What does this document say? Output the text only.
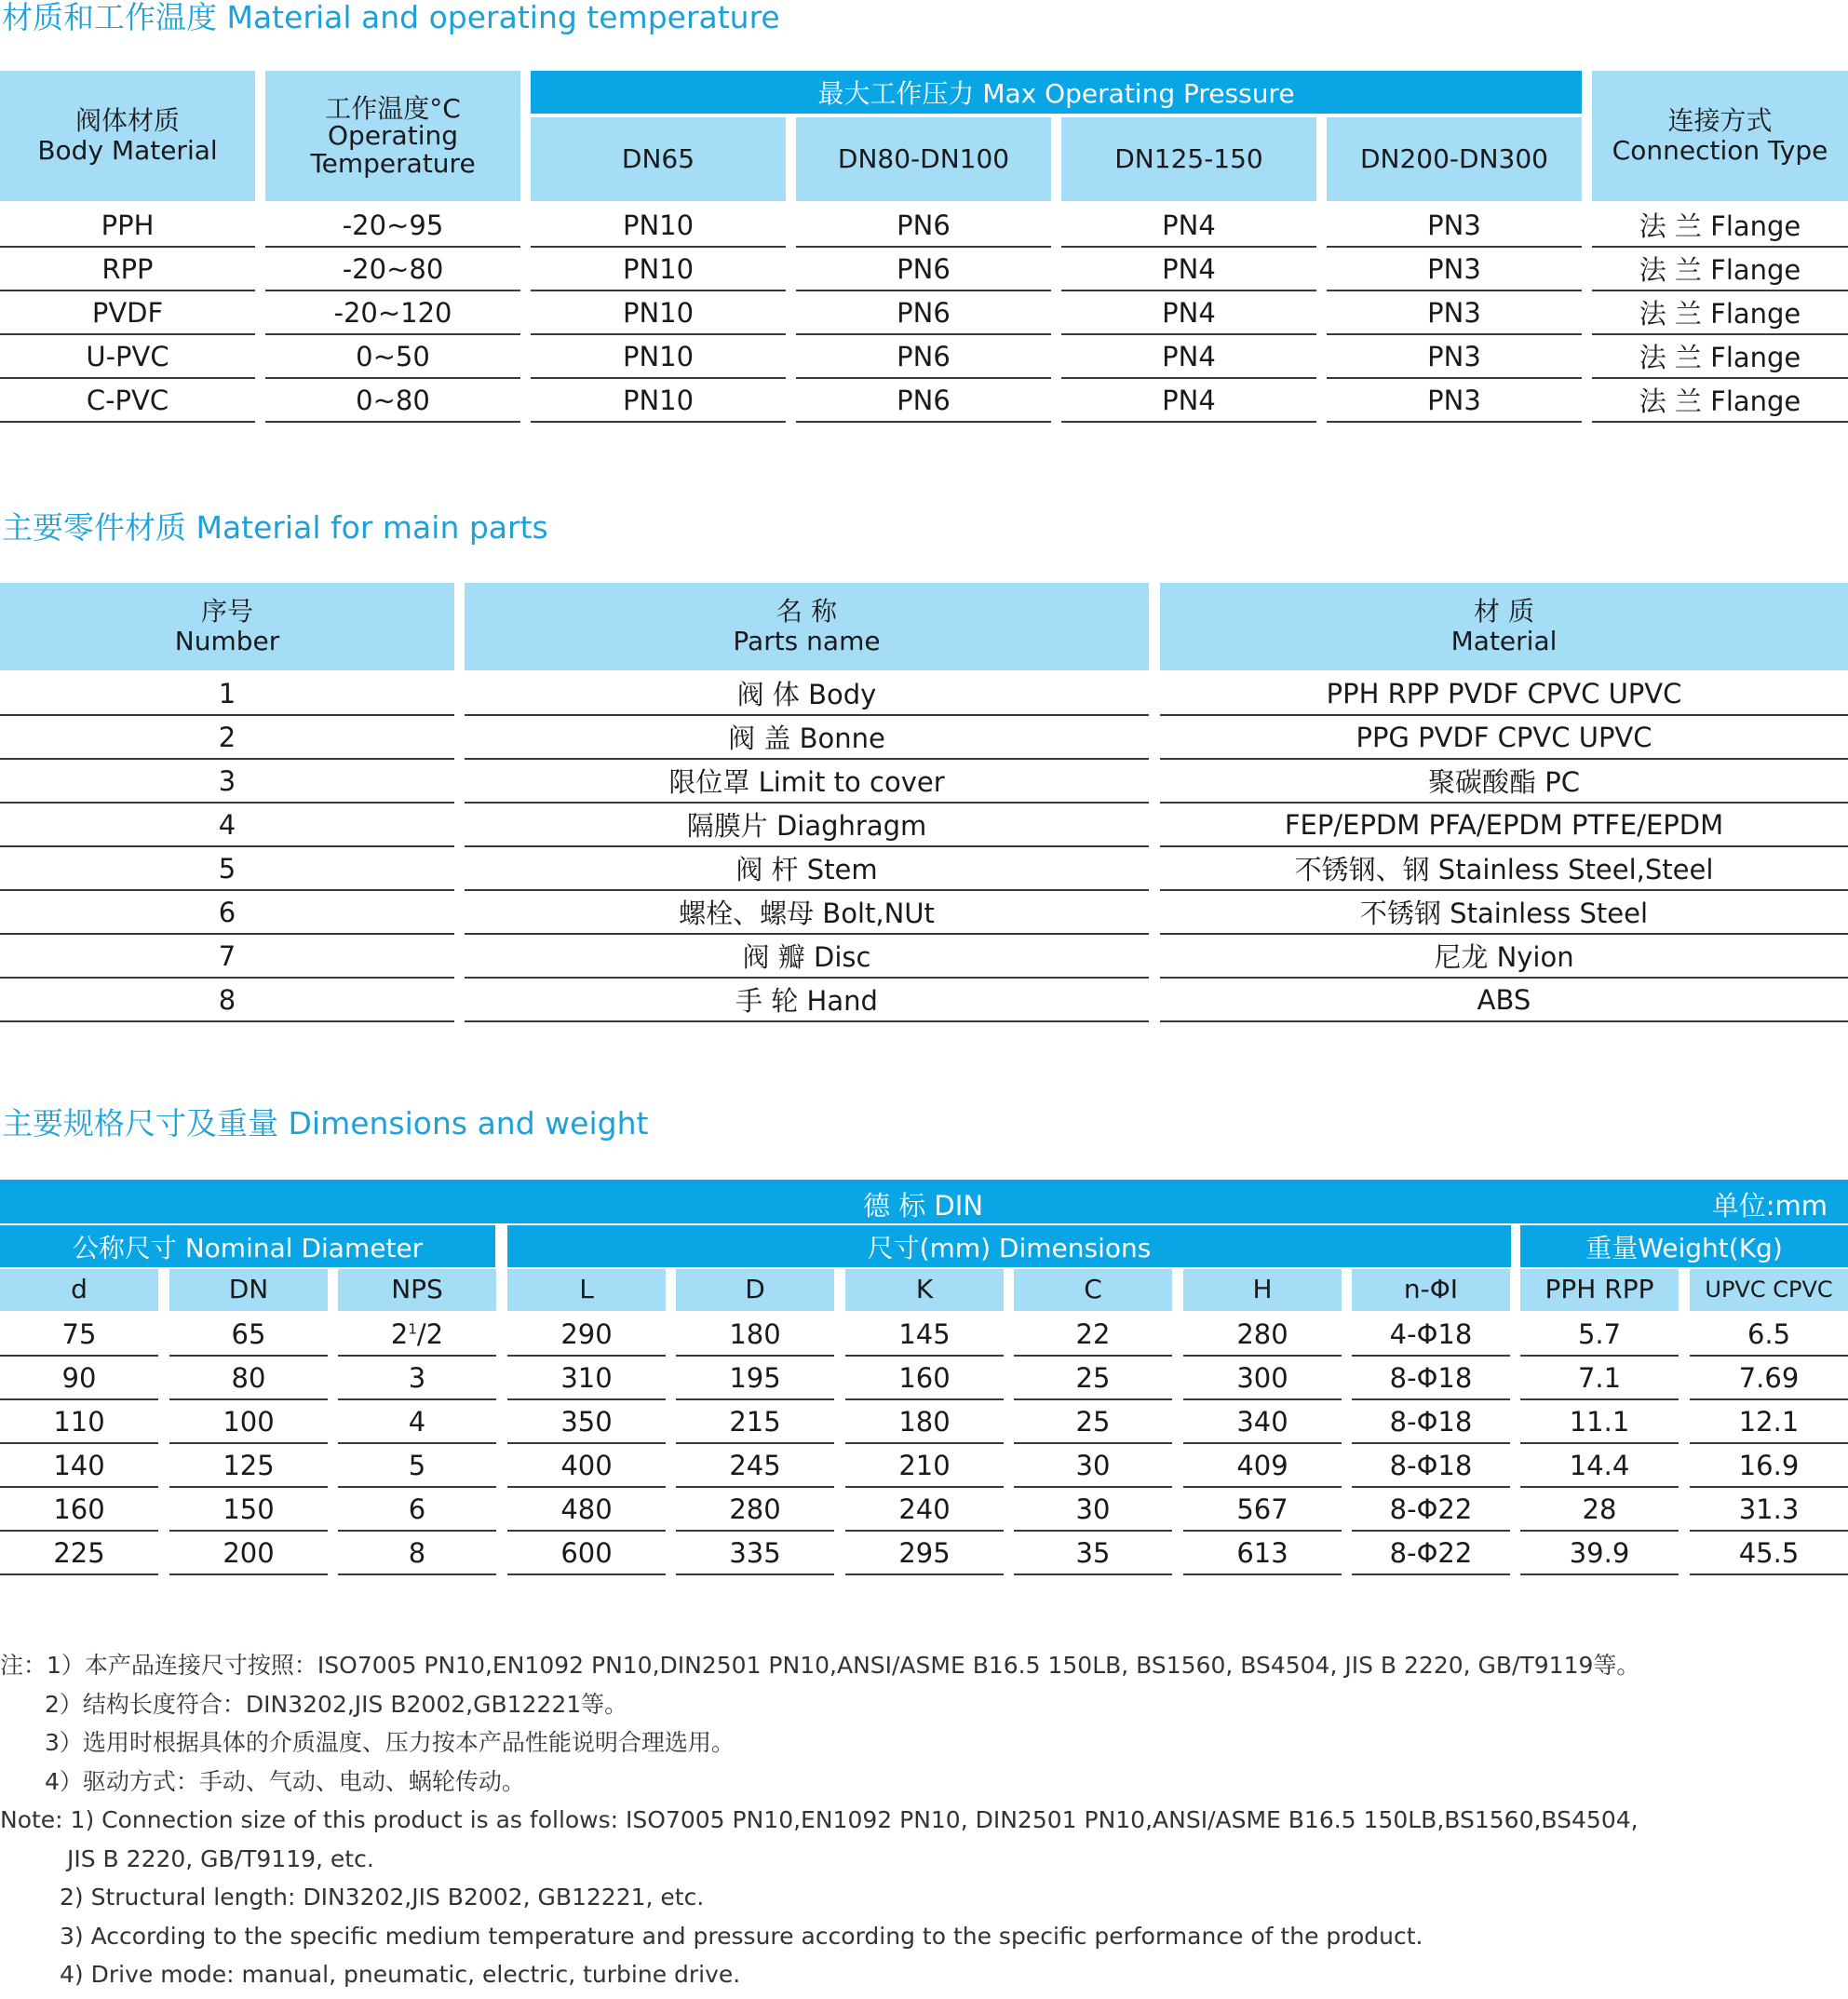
材质和工作温度 Material and operating temperature
阀体材质
Body Material
工作温度°C
Operating
Temperature
最大工作压力 Max Operating Pressure
DN65	DN80-DN100	DN125-150	DN200-DN300
连接方式
Connection Type
PPH	-20~95	PN10	PN6	PN4	PN3	法 兰 Flange
RPP	-20~80	PN10	PN6	PN4	PN3	法 兰 Flange
PVDF	-20~120	PN10	PN6	PN4	PN3	法 兰 Flange
U-PVC	0~50	PN10	PN6	PN4	PN3	法 兰 Flange
C-PVC	0~80	PN10	PN6	PN4	PN3	法 兰 Flange
主要零件材质 Material for main parts
序号
Number
名 称
Parts name
材 质
Material
1	阀 体 Body	PPH RPP PVDF CPVC UPVC
2	阀 盖 Bonne	PPG PVDF CPVC UPVC
3	限位罩 Limit to cover	聚碳酸酯 PC
4	隔膜片 Diaghragm	FEP/EPDM PFA/EPDM PTFE/EPDM
5	阀 杆 Stem	不锈钢、钢 Stainless Steel,Steel
6	螺栓、螺母 Bolt,NUt	不锈钢 Stainless Steel
7	阀 瓣 Disc	尼龙 Nyion
8	手 轮 Hand	ABS
主要规格尺寸及重量 Dimensions and weight
德 标 DIN	单位:mm
公称尺寸 Nominal Diameter	尺寸(mm) Dimensions	重量Weight(Kg)
d	DN	NPS	L	D	K	C	H	n-ΦI	PPH RPP	UPVC CPVC
75	65	$2^1/2$	290	180	145	22	280	4-Φ18	5.7	6.5
90	80	3	310	195	160	25	300	8-Φ18	7.1	7.69
110	100	4	350	215	180	25	340	8-Φ18	11.1	12.1
140	125	5	400	245	210	30	409	8-Φ18	14.4	16.9
160	150	6	480	280	240	30	567	8-Φ22	28	31.3
225	200	8	600	335	295	35	613	8-Φ22	39.9	45.5
注：1）本产品连接尺寸按照：ISO7005 PN10,EN1092 PN10,DIN2501 PN10,ANSI/ASME B16.5 150LB, BS1560, BS4504, JIS B 2220, GB/T9119等。
2）结构长度符合：DIN3202,JIS B2002,GB12221等。
3）选用时根据具体的介质温度、压力按本产品性能说明合理选用。
4）驱动方式：手动、气动、电动、蜗轮传动。
Note: 1) Connection size of this product is as follows: ISO7005 PN10,EN1092 PN10, DIN2501 PN10,ANSI/ASME B16.5 150LB,BS1560,BS4504,
JIS B 2220, GB/T9119, etc.
2) Structural length: DIN3202,JIS B2002, GB12221, etc.
3) According to the specific medium temperature and pressure according to the specific performance of the product.
4) Drive mode: manual, pneumatic, electric, turbine drive.
